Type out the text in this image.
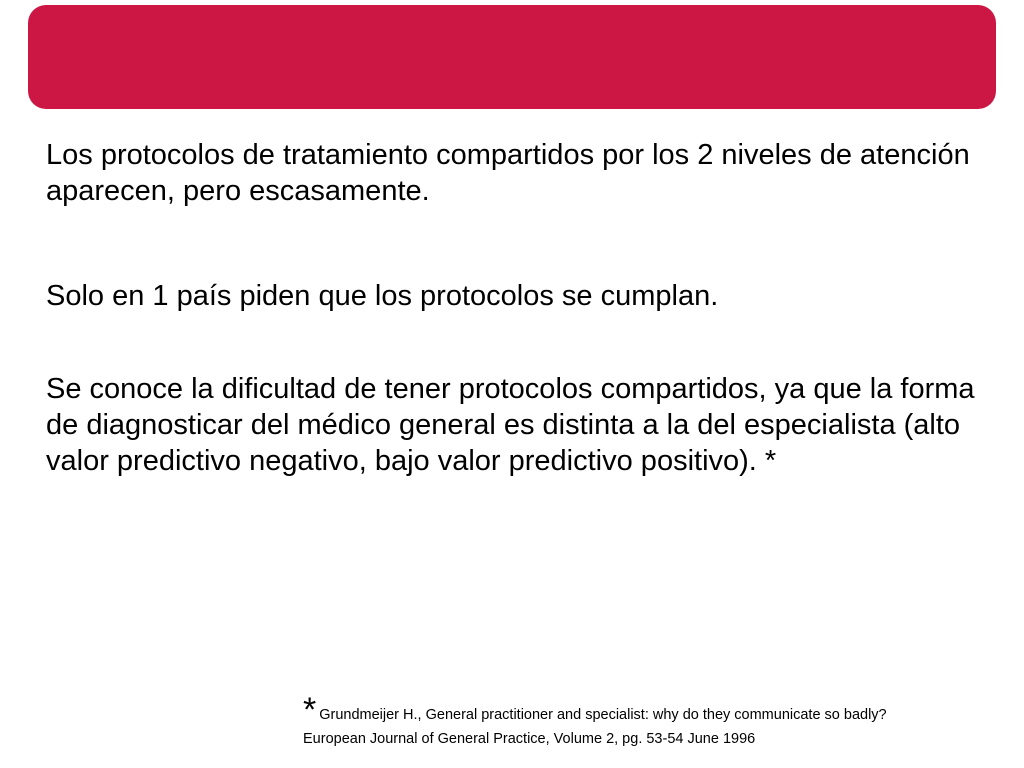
Los protocolos de tratamiento compartidos por los 2 niveles de atención aparecen, pero escasamente.

Solo en 1 país piden que los protocolos se cumplan.

Se conoce la dificultad de tener protocolos compartidos, ya que la forma de diagnosticar del médico general es distinta a la del especialista (alto valor predictivo negativo, bajo valor predictivo positivo). *

* Grundmeijer H., General practitioner and specialist: why do they communicate so badly?
European Journal of General Practice, Volume 2, pg. 53-54 June 1996
